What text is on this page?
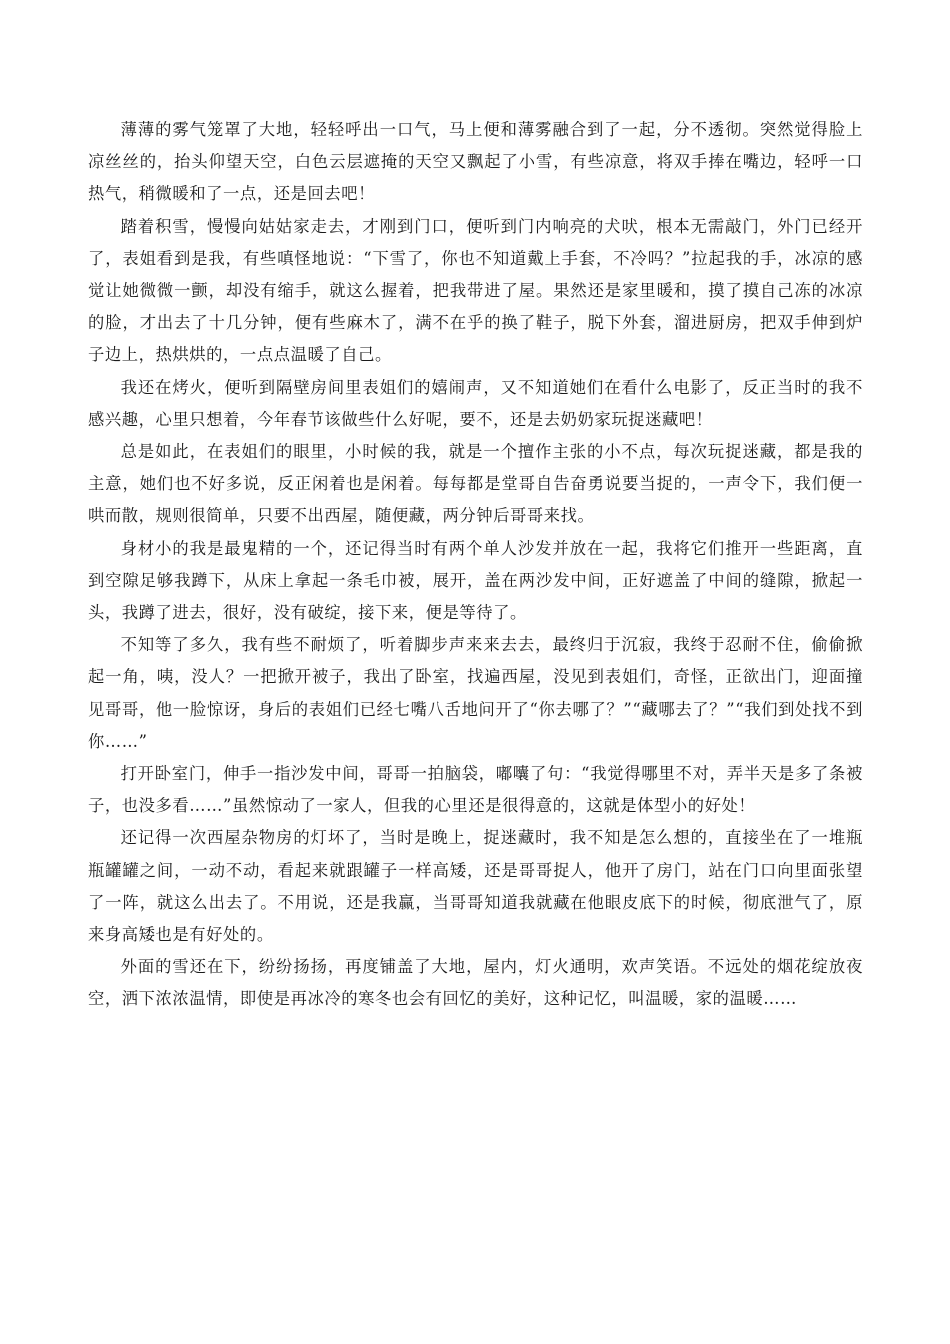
薄薄的雾气笼罩了大地，轻轻呼出一口气，马上便和薄雾融合到了一起，分不透彻。突然觉得脸上凉丝丝的，抬头仰望天空，白色云层遮掩的天空又飘起了小雪，有些凉意，将双手捧在嘴边，轻呼一口热气，稍微暖和了一点，还是回去吧！

踏着积雪，慢慢向姑姑家走去，才刚到门口，便听到门内响亮的犬吠，根本无需敲门，外门已经开了，表姐看到是我，有些嗔怪地说：“下雪了，你也不知道戴上手套，不冷吗？”拉起我的手，冰凉的感觉让她微微一颤，却没有缩手，就这么握着，把我带进了屋。果然还是家里暖和，摸了摸自己冻的冰凉的脸，才出去了十几分钟，便有些麻木了，满不在乎的换了鞋子，脱下外套，溜进厨房，把双手伸到炉子边上，热烘烘的，一点点温暖了自己。

我还在烤火，便听到隔壁房间里表姐们的嬉闹声，又不知道她们在看什么电影了，反正当时的我不感兴趣，心里只想着，今年春节该做些什么好呢，要不，还是去奶奶家玩捉迷藏吧！

总是如此，在表姐们的眼里，小时候的我，就是一个擅作主张的小不点，每次玩捉迷藏，都是我的主意，她们也不好多说，反正闲着也是闲着。每每都是堂哥自告奋勇说要当捉的，一声令下，我们便一哄而散，规则很简单，只要不出西屋，随便藏，两分钟后哥哥来找。

身材小的我是最鬼精的一个，还记得当时有两个单人沙发并放在一起，我将它们推开一些距离，直到空隙足够我蹲下，从床上拿起一条毛巾被，展开，盖在两沙发中间，正好遮盖了中间的缝隙，掀起一头，我蹲了进去，很好，没有破绽，接下来，便是等待了。

不知等了多久，我有些不耐烦了，听着脚步声来来去去，最终归于沉寂，我终于忍耐不住，偷偷掀起一角，咦，没人？一把掀开被子，我出了卧室，找遍西屋，没见到表姐们，奇怪，正欲出门，迎面撞见哥哥，他一脸惊讶，身后的表姐们已经七嘴八舌地问开了“你去哪了？”“藏哪去了？”“我们到处找不到你……”

打开卧室门，伸手一指沙发中间，哥哥一拍脑袋，嘟囔了句：“我觉得哪里不对，弄半天是多了条被子，也没多看……”虽然惊动了一家人，但我的心里还是很得意的，这就是体型小的好处！

还记得一次西屋杂物房的灯坏了，当时是晚上，捉迷藏时，我不知是怎么想的，直接坐在了一堆瓶瓶罐罐之间，一动不动，看起来就跟罐子一样高矮，还是哥哥捉人，他开了房门，站在门口向里面张望了一阵，就这么出去了。不用说，还是我赢，当哥哥知道我就藏在他眼皮底下的时候，彻底泄气了，原来身高矮也是有好处的。

外面的雪还在下，纷纷扬扬，再度铺盖了大地，屋内，灯火通明，欢声笑语。不远处的烟花绽放夜空，洒下浓浓温情，即使是再冰冷的寒冬也会有回忆的美好，这种记忆，叫温暖，家的温暖……
